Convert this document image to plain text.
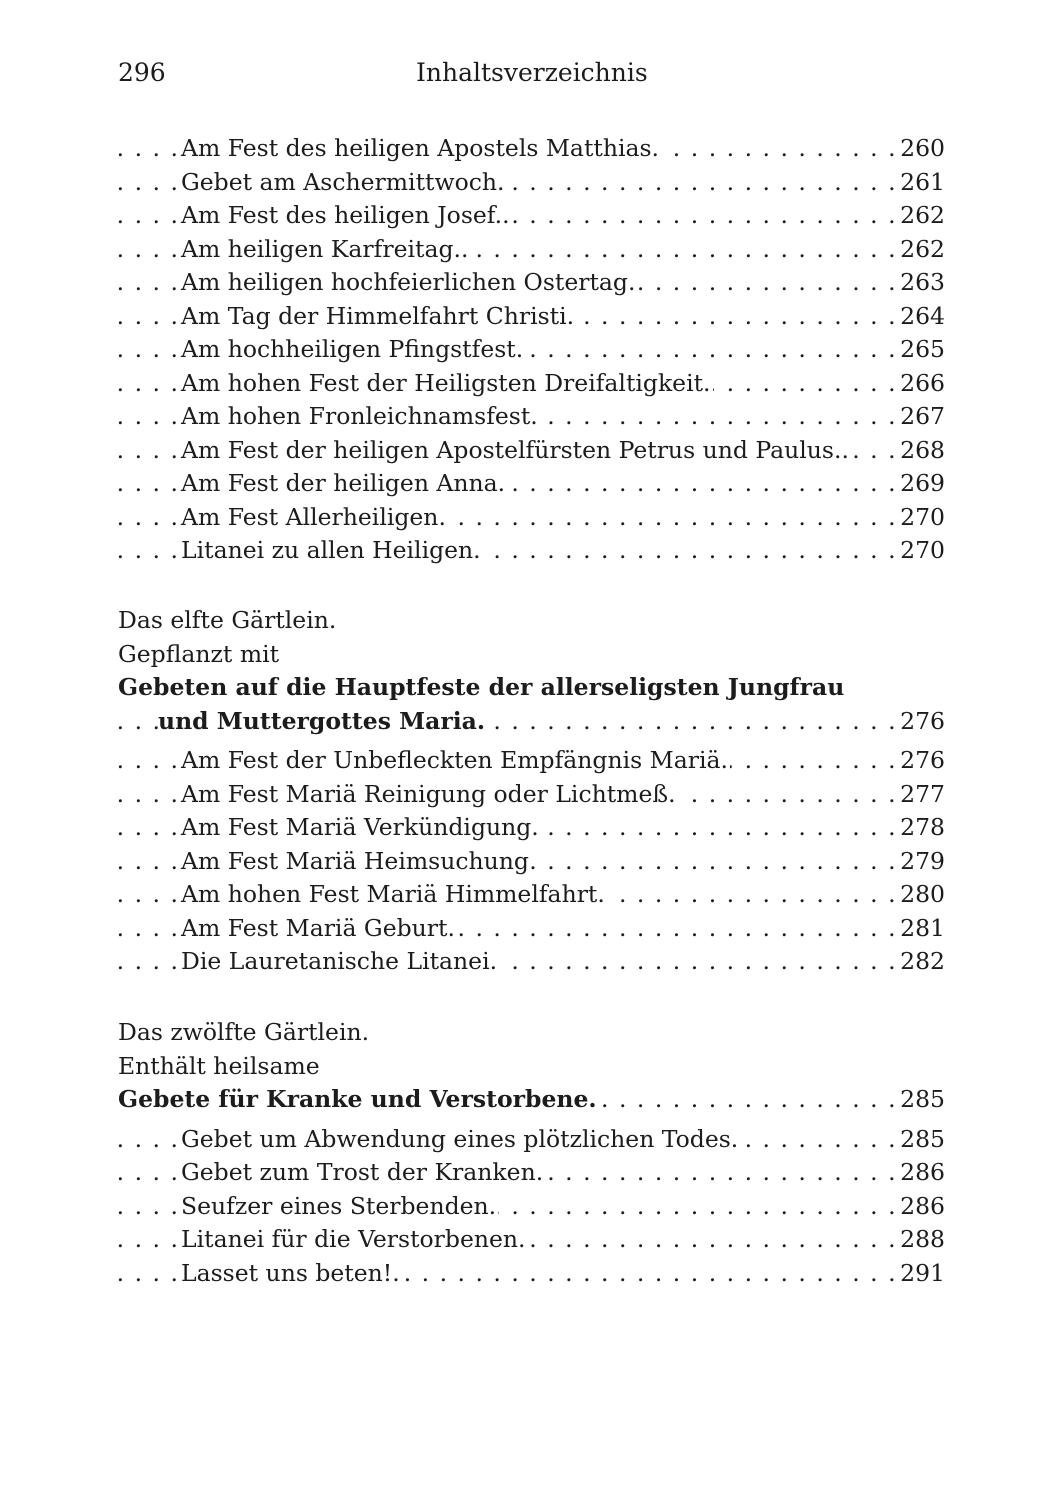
296	Inhaltsverzeichnis
Am Fest des heiligen Apostels Matthias.	260
. . .
Gebet am Aschermittwoch.	261
. . .
Am Fest des heiligen Josef..	262
. . .
Am heiligen Karfreitag..	262
. . .
Am heiligen hochfeierlichen Ostertag.	263
. . .
Am Tag der Himmelfahrt Christi.	264
. . .
Am hochheiligen Pfingstfest.	265
. . .
Am hohen Fest der Heiligsten Dreifaltigkeit.	266
. . .
Am hohen Fronleichnamsfest.	267
. . .
Am Fest der heiligen Apostelfürsten Petrus und Paulus.. 268
. . .
Am Fest der heiligen Anna.	269
. . .
Am Fest Allerheiligen.	270
. . .
Litanei zu allen Heiligen.	270
. . .
Das elfte Gärtlein.
Gepflanzt mit
Gebeten auf die Hauptfeste der allerseligsten Jungfrau
und Muttergottes Maria.	276
. . .
Am Fest der Unbefleckten Empfängnis Mariä.	276
. . .
Am Fest Mariä Reinigung oder Lichtmeß.	277
. . .
Am Fest Mariä Verkündigung.	278
. . .
Am Fest Mariä Heimsuchung	279
. . .
Am hohen Fest Mariä Himmelfahrt.	280
. . .
Am Fest Mariä Geburt.	281
. . .
Die Lauretanische Litanei.	282
. . .
Das zwölfte Gärtlein.
Enthält heilsame
Gebete für Kranke und Verstorbene.	285
. . .
Gebet um Abwendung eines plötzlichen Todes.	285
. . .
Gebet zum Trost der Kranken.	286
. . .
Seufzer eines Sterbenden.	286
. . .
Litanei für die Verstorbenen.	288
. . .
Lasset uns beten!.	291
. . .
